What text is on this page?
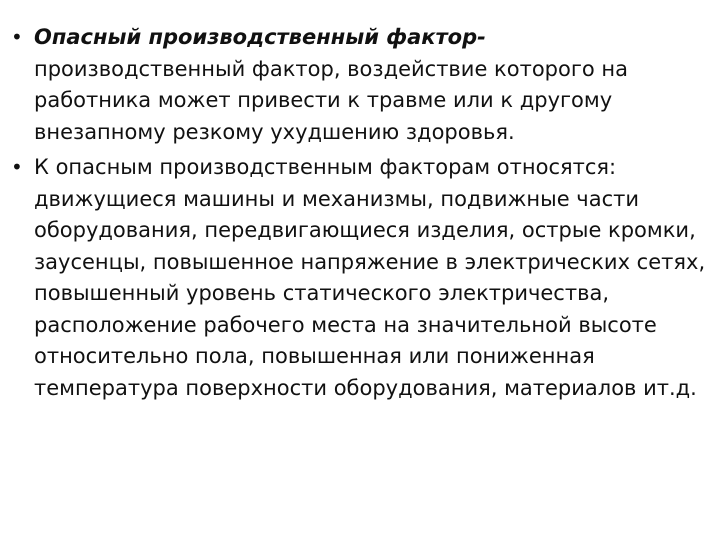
• Опасный производственный фактор-
производственный фактор, воздействие которого на работника может привести к травме или к другому внезапному резкому ухудшению здоровья.
• К опасным производственным факторам относятся: движущиеся машины и механизмы, подвижные части оборудования, передвигающиеся изделия, острые кромки, заусенцы, повышенное напряжение в электрических сетях, повышенный уровень статического электричества, расположение рабочего места на значительной высоте относительно пола, повышенная или пониженная температура поверхности оборудования, материалов ит.д.
